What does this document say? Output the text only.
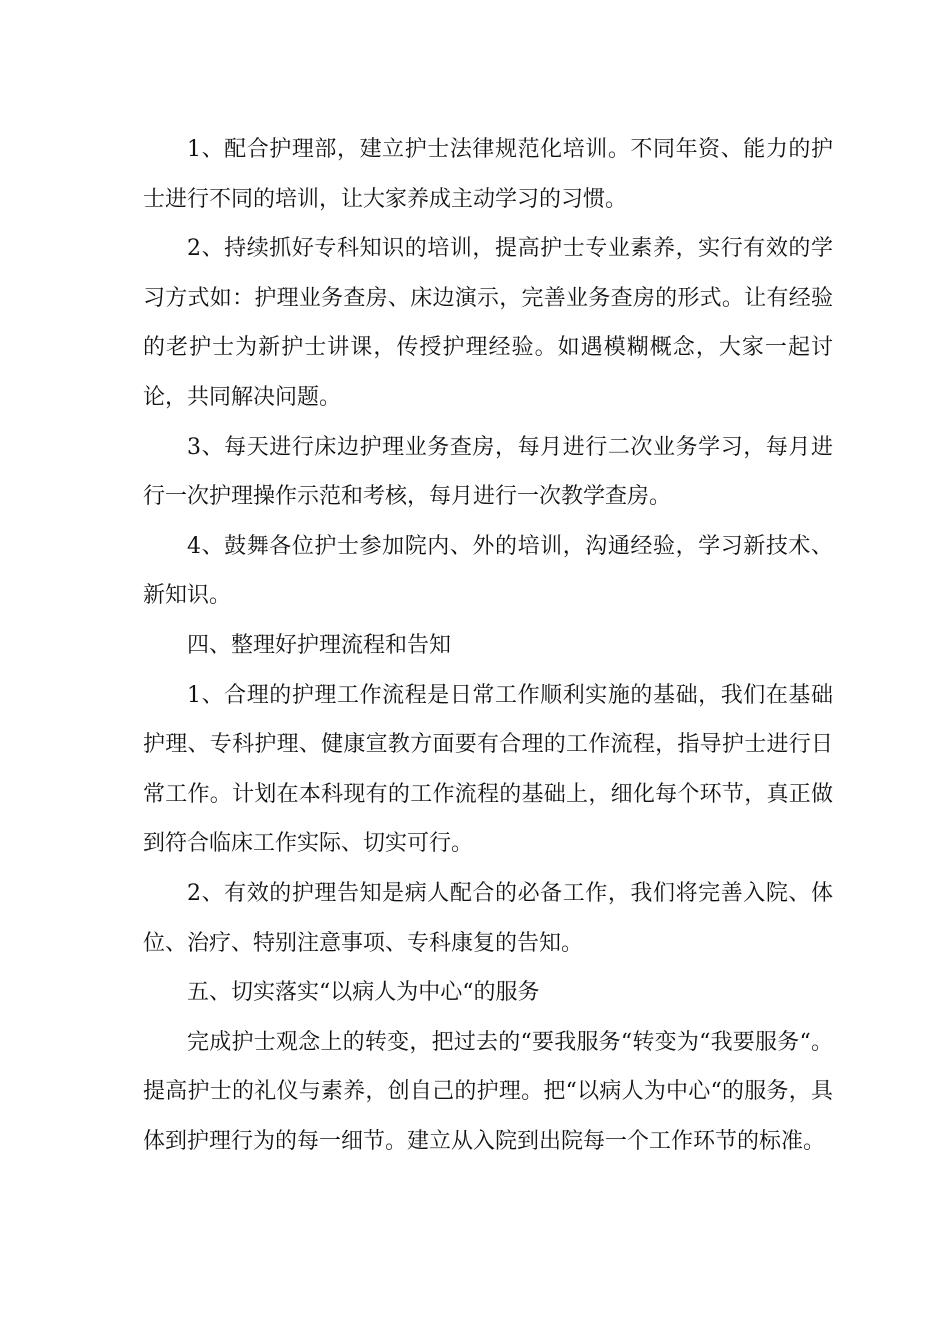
1、配合护理部，建立护士法律规范化培训。不同年资、能力的护士进行不同的培训，让大家养成主动学习的习惯。

2、持续抓好专科知识的培训，提高护士专业素养，实行有效的学习方式如：护理业务查房、床边演示，完善业务查房的形式。让有经验的老护士为新护士讲课，传授护理经验。如遇模糊概念，大家一起讨论，共同解决问题。

3、每天进行床边护理业务查房，每月进行二次业务学习，每月进行一次护理操作示范和考核，每月进行一次教学查房。

4、鼓舞各位护士参加院内、外的培训，沟通经验，学习新技术、新知识。

四、整理好护理流程和告知

1、合理的护理工作流程是日常工作顺利实施的基础，我们在基础护理、专科护理、健康宣教方面要有合理的工作流程，指导护士进行日常工作。计划在本科现有的工作流程的基础上，细化每个环节，真正做到符合临床工作实际、切实可行。

2、有效的护理告知是病人配合的必备工作，我们将完善入院、体位、治疗、特别注意事项、专科康复的告知。

五、切实落实“以病人为中心“的服务

完成护士观念上的转变，把过去的“要我服务“转变为“我要服务“。提高护士的礼仪与素养，创自己的护理。把“以病人为中心“的服务，具体到护理行为的每一细节。建立从入院到出院每一个工作环节的标准。
